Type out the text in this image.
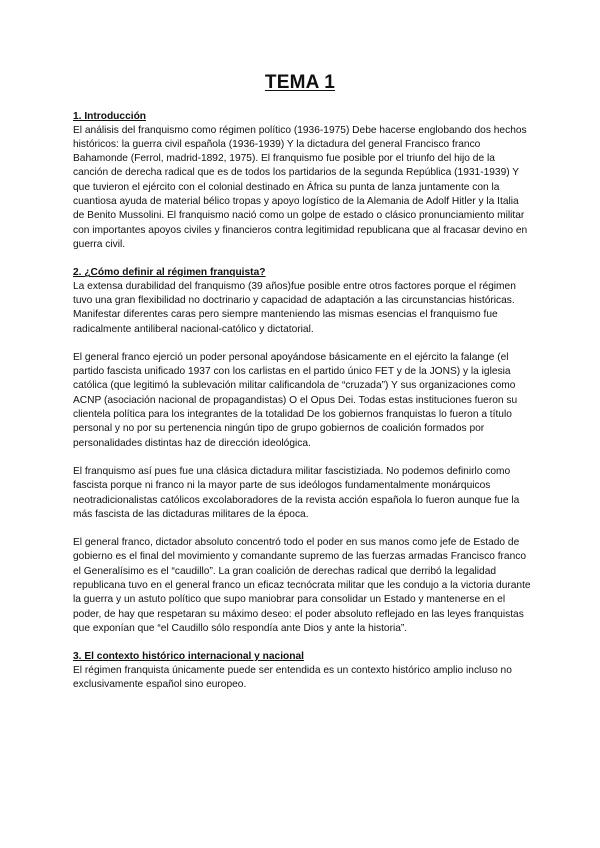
TEMA 1

1. Introducción

El análisis del franquismo como régimen político (1936-1975) Debe hacerse englobando dos hechos históricos: la guerra civil española (1936-1939) Y la dictadura del general Francisco franco Bahamonde (Ferrol, madrid-1892, 1975). El franquismo fue posible por el triunfo del hijo de la canción de derecha radical que es de todos los partidarios de la segunda República (1931-1939) Y que tuvieron el ejército con el colonial destinado en África su punta de lanza juntamente con la cuantiosa ayuda de material bélico tropas y apoyo logístico de la Alemania de Adolf Hitler y la Italia de Benito Mussolini. El franquismo nació como un golpe de estado o clásico pronunciamiento militar con importantes apoyos civiles y financieros contra legitimidad republicana que al fracasar devino en guerra civil.

2. ¿Cómo definir al régimen franquista?

La extensa durabilidad del franquismo (39 años)fue posible entre otros factores porque el régimen tuvo una gran flexibilidad no doctrinario y capacidad de adaptación a las circunstancias históricas. Manifestar diferentes caras pero siempre manteniendo las mismas esencias el franquismo fue radicalmente antiliberal nacional-católico y dictatorial.

El general franco ejerció un poder personal apoyándose básicamente en el ejército la falange (el partido fascista unificado 1937 con los carlistas en el partido único FET y de la JONS) y la iglesia católica (que legitimó la sublevación militar calificandola de “cruzada”) Y sus organizaciones como ACNP (asociación nacional de propagandistas) O el Opus Dei. Todas estas instituciones fueron su clientela política para los integrantes de la totalidad De los gobiernos franquistas lo fueron a título personal y no por su pertenencia ningún tipo de grupo gobiernos de coalición formados por personalidades distintas haz de dirección ideológica.

El franquismo así pues fue una clásica dictadura militar fascistiziada. No podemos definirlo como fascista porque ni franco ni la mayor parte de sus ideólogos fundamentalmente monárquicos neotradicionalistas católicos excolaboradores de la revista acción española lo fueron aunque fue la más fascista de las dictaduras militares de la época.

El general franco, dictador absoluto concentró todo el poder en sus manos como jefe de Estado de gobierno es el final del movimiento y comandante supremo de las fuerzas armadas Francisco franco el Generalísimo es el “caudillo”. La gran coalición de derechas radical que derribó la legalidad republicana tuvo en el general franco un eficaz tecnócrata militar que les condujo a la victoria durante la guerra y un astuto político que supo maniobrar para consolidar un Estado y mantenerse en el poder, de hay que respetaran su máximo deseo: el poder absoluto reflejado en las leyes franquistas que exponían que “el Caudillo sólo respondía ante Dios y ante la historia”.

3. El contexto histórico internacional y nacional

El régimen franquista únicamente puede ser entendida es un contexto histórico amplio incluso no exclusivamente español sino europeo.
